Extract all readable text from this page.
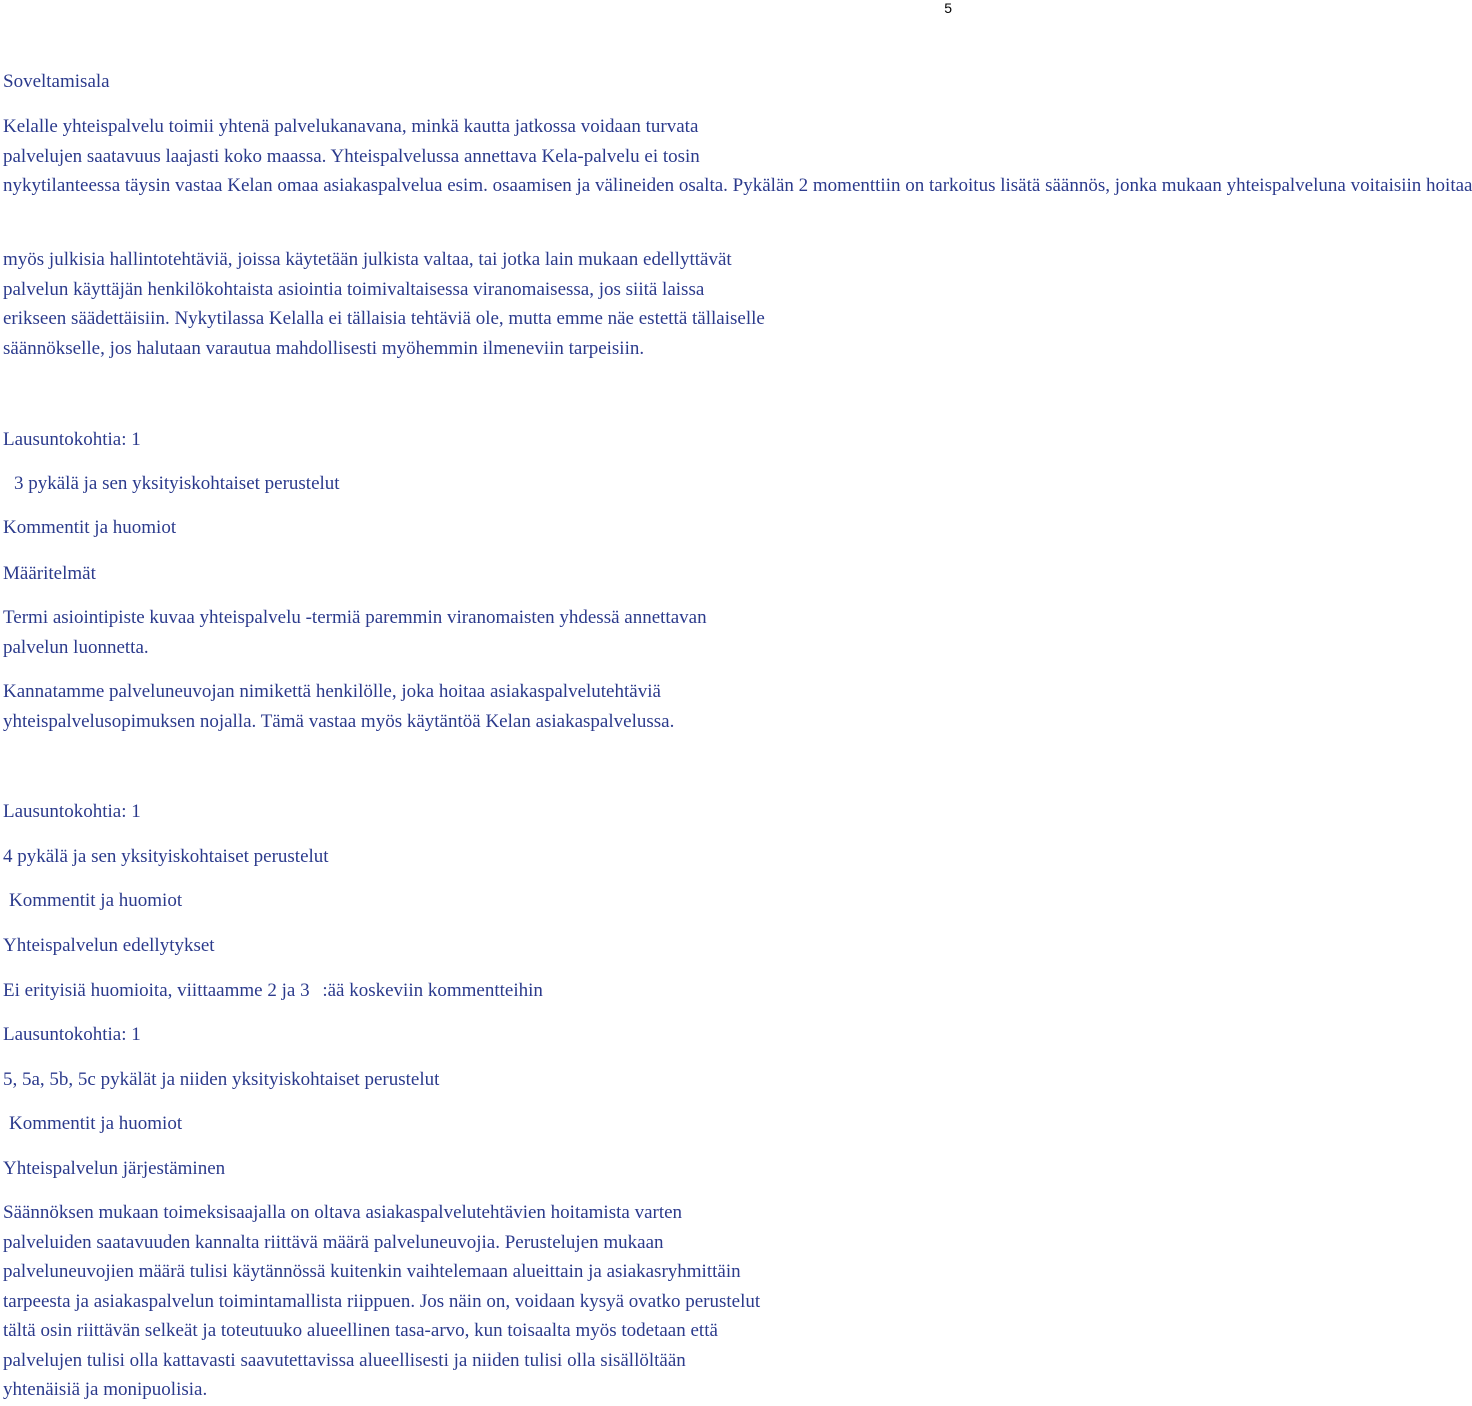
5
Soveltamisala
Kelalle yhteispalvelu toimii yhtenä palvelukanavana, minkä kautta jatkossa voidaan turvata
palvelujen saatavuus laajasti koko maassa. Yhteispalvelussa annettava Kela-palvelu ei tosin
nykytilanteessa täysin vastaa Kelan omaa asiakaspalvelua esim. osaamisen ja välineiden osalta. Pykälän 2 momenttiin on tarkoitus lisätä säännös, jonka mukaan yhteispalveluna voitaisiin hoitaa
myös julkisia hallintotehtäviä, joissa käytetään julkista valtaa, tai jotka lain mukaan edellyttävät
palvelun käyttäjän henkilökohtaista asiointia toimivaltaisessa viranomaisessa, jos siitä laissa
erikseen säädettäisiin. Nykytilassa Kelalla ei tällaisia tehtäviä ole, mutta emme näe estettä tällaiselle
säännökselle, jos halutaan varautua mahdollisesti myöhemmin ilmeneviin tarpeisiin.
Lausuntokohtia: 1
3 pykälä ja sen yksityiskohtaiset perustelut
Kommentit ja huomiot
Määritelmät
Termi asiointipiste kuvaa yhteispalvelu -termiä paremmin viranomaisten yhdessä annettavan
palvelun luonnetta.
Kannatamme palveluneuvojan nimikettä henkilölle, joka hoitaa asiakaspalvelutehtäviä
yhteispalvelusopimuksen nojalla. Tämä vastaa myös käytäntöä Kelan asiakaspalvelussa.
Lausuntokohtia: 1
4 pykälä ja sen yksityiskohtaiset perustelut
Kommentit ja huomiot
Yhteispalvelun edellytykset
Ei erityisiä huomioita, viittaamme 2 ja 3 :ää koskeviin kommentteihin
Lausuntokohtia: 1
5, 5a, 5b, 5c pykälät ja niiden yksityiskohtaiset perustelut
Kommentit ja huomiot
Yhteispalvelun järjestäminen
Säännöksen mukaan toimeksisaajalla on oltava asiakaspalvelutehtävien hoitamista varten
palveluiden saatavuuden kannalta riittävä määrä palveluneuvojia. Perustelujen mukaan
palveluneuvojien määrä tulisi käytännössä kuitenkin vaihtelemaan alueittain ja asiakasryhmittäin
tarpeesta ja asiakaspalvelun toimintamallista riippuen. Jos näin on, voidaan kysyä ovatko perustelut
tältä osin riittävän selkeät ja toteutuuko alueellinen tasa-arvo, kun toisaalta myös todetaan että
palvelujen tulisi olla kattavasti saavutettavissa alueellisesti ja niiden tulisi olla sisällöltään
yhtenäisiä ja monipuolisia.
